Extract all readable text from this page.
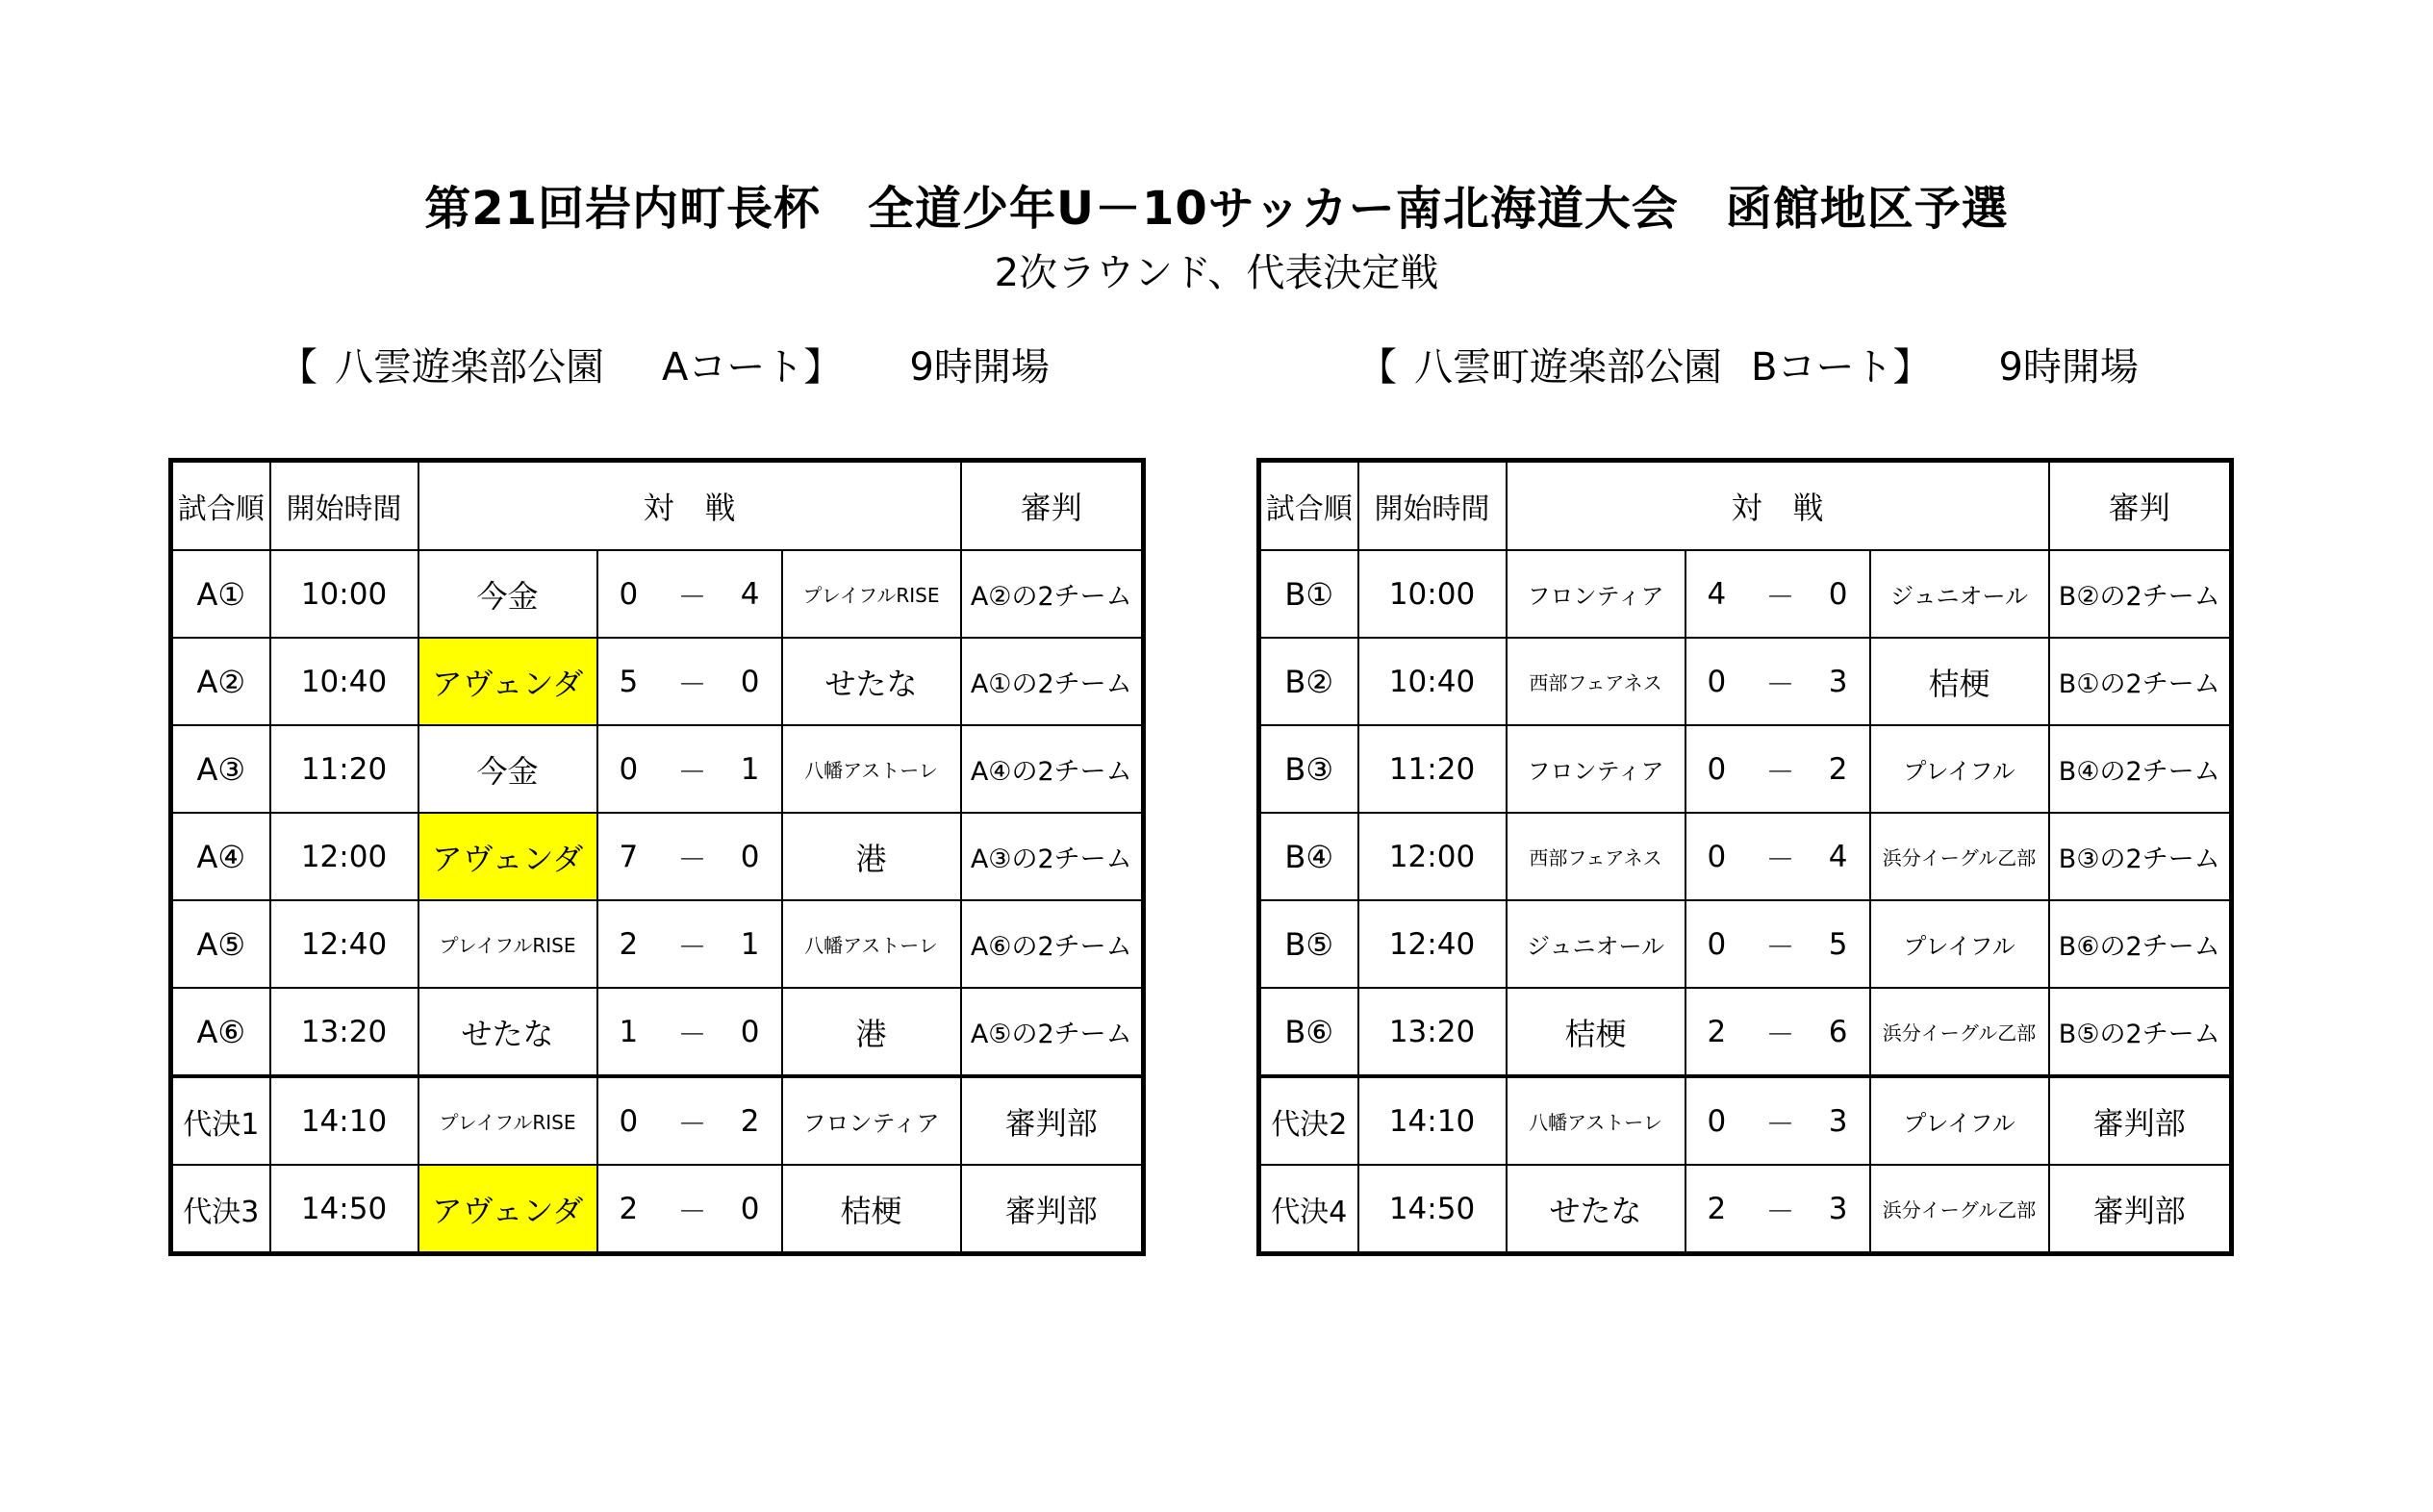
第21回岩内町長杯　全道少年U－10サッカー南北海道大会　函館地区予選
2次ラウンド、代表決定戦
【 八雲遊楽部公園 Aコート】 9時開場	【 八雲町遊楽部公園 Bコート】 9時開場
試合順	開始時間	対　戦					審判
A①	10:00	今金	0	－	4	プレイフルRISE	A②の2チーム
A②	10:40	アヴェンダ	5	－	0	せたな	A①の2チーム
A③	11:20	今金	0	－	1	八幡アストーレ	A④の2チーム
A④	12:00	アヴェンダ	7	－	0	港	A③の2チーム
A⑤	12:40	プレイフルRISE	2	－	1	八幡アストーレ	A⑥の2チーム
A⑥	13:20	せたな	1	－	0	港	A⑤の2チーム
代決1	14:10	プレイフルRISE	0	－	2	フロンティア	審判部
代決3	14:50	アヴェンダ	2	－	0	桔梗	審判部
試合順	開始時間	対　戦					審判
B①	10:00	フロンティア	4	－	0	ジュニオール	B②の2チーム
B②	10:40	西部フェアネス	0	－	3	桔梗	B①の2チーム
B③	11:20	フロンティア	0	－	2	プレイフル	B④の2チーム
B④	12:00	西部フェアネス	0	－	4	浜分イーグル乙部	B③の2チーム
B⑤	12:40	ジュニオール	0	－	5	プレイフル	B⑥の2チーム
B⑥	13:20	桔梗	2	－	6	浜分イーグル乙部	B⑤の2チーム
代決2	14:10	八幡アストーレ	0	－	3	プレイフル	審判部
代決4	14:50	せたな	2	－	3	浜分イーグル乙部	審判部
